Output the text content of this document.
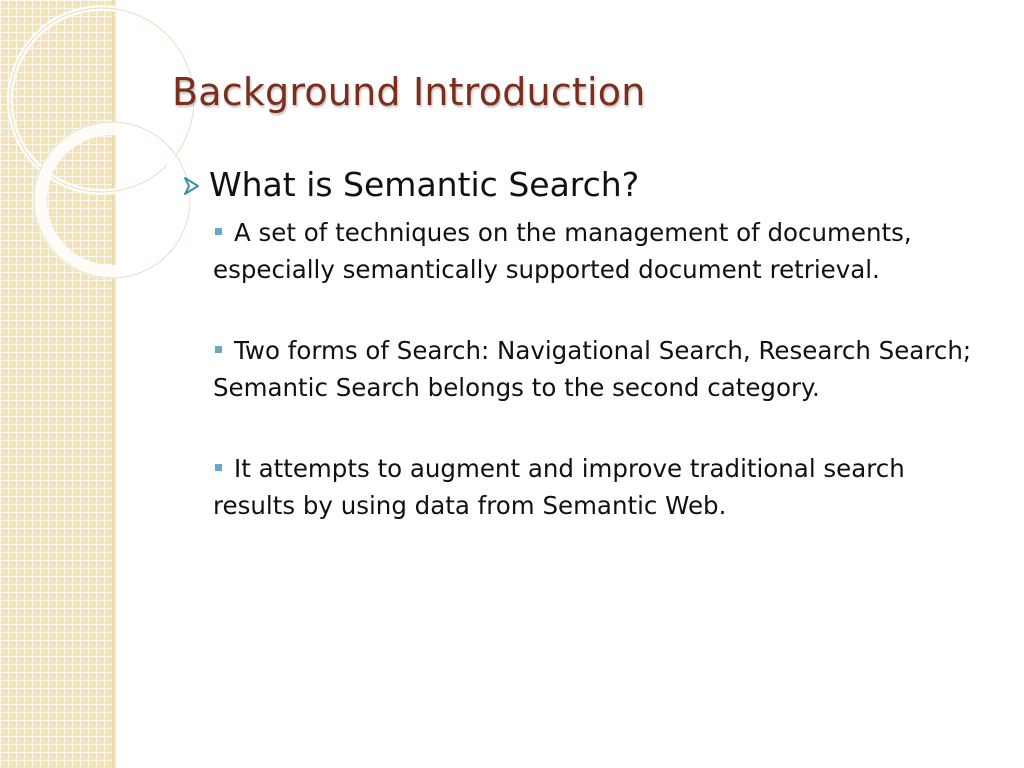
Background Introduction
What is Semantic Search?
A set of techniques on the management of documents, especially semantically supported document retrieval.
Two forms of Search: Navigational Search, Research Search; Semantic Search belongs to the second category.
It attempts to augment and improve traditional search results by using data from Semantic Web.
